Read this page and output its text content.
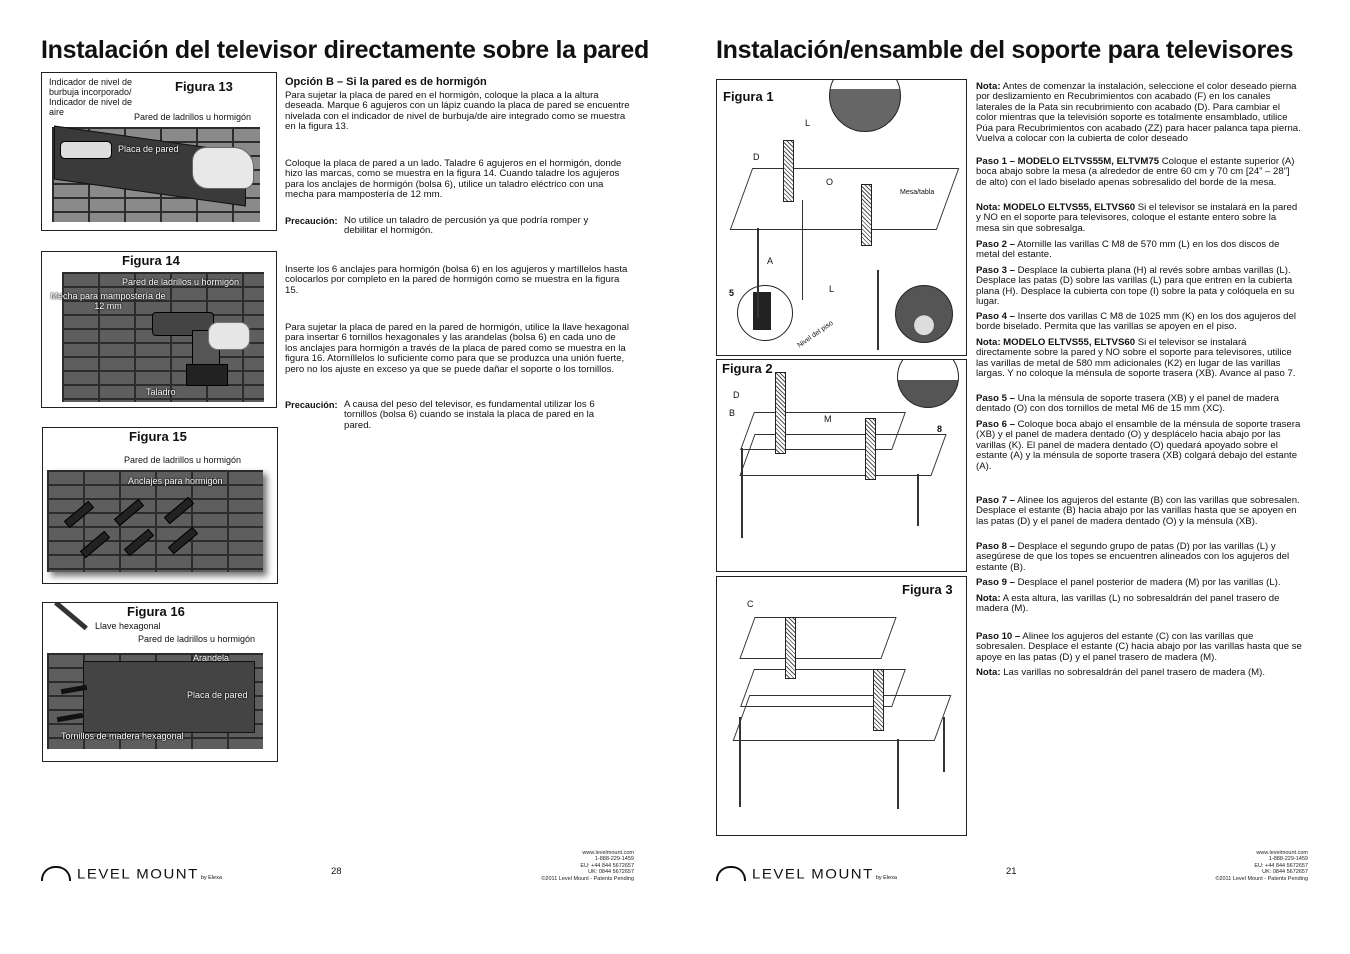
Instalación del televisor directamente sobre la pared
Indicador de nivel de burbuja incorporado/ Indicador de nivel de aire
Figura 13
Pared de ladrillos u hormigón
Placa de pared
Figura 14
Pared de ladrillos u hormigón
Mecha para mampostería de 12 mm
Taladro
Figura 15
Pared de ladrillos u hormigón
Anclajes para hormigón
Figura 16
Llave hexagonal
Pared de ladrillos u hormigón
Arandela
Placa de pared
Tornillos de madera hexagonal
Opción B – Si la pared es de hormigón
Para sujetar la placa de pared en el hormigón, coloque la placa a la altura deseada. Marque 6 agujeros con un lápiz cuando la placa de pared se encuentre nivelada con el indicador de nivel de burbuja/de aire integrado como se muestra en la figura 13.
Coloque la placa de pared a un lado. Taladre 6 agujeros en el hormigón, donde hizo las marcas, como se muestra en la figura 14. Cuando taladre los agujeros para los anclajes de hormigón (bolsa 6), utilice un taladro eléctrico con una mecha para mampostería de 12 mm.
Precaución: No utilice un taladro de percusión ya que podría romper y debilitar el hormigón.
Inserte los 6 anclajes para hormigón (bolsa 6) en los agujeros y martíllelos hasta colocarlos por completo en la pared de hormigón como se muestra en la figura 15.
Para sujetar la placa de pared en la pared de hormigón, utilice la llave hexagonal para insertar 6 tornillos hexagonales y las arandelas (bolsa 6) en cada uno de los anclajes para hormigón a través de la placa de pared como se muestra en la figura 16. Atorníllelos lo suficiente como para que se produzca una unión fuerte, pero no los ajuste en exceso ya que se puede dañar el soporte o los tornillos.
Precaución: A causa del peso del televisor, es fundamental utilizar los 6 tornillos (bolsa 6) cuando se instala la placa de pared en la pared.
LEVEL MOUNT by Elexa
28
www.levelmount.com
1-888-229-1459
EU: +44 844 5672657
UK: 0844 5672657
©2011 Level Mount - Patents Pending
Instalación/ensamble del soporte para televisores
Figura 1
L
D
O
Mesa/tabla
A
L
5
Nivel del piso
Figura 2
D
B
M
8
Figura 3
C
Nota: Antes de comenzar la instalación, seleccione el color deseado pierna por deslizamiento en Recubrimientos con acabado (F) en los canales laterales de la Pata sin recubrimiento con acabado (D). Para cambiar el color mientras que la televisión soporte es totalmente ensamblado, utilice Púa para Recubrimientos con acabado (ZZ) para hacer palanca tapa pierna. Vuelva a colocar con la cubierta de color deseado
Paso 1 – MODELO ELTVS55M, ELTVM75 Coloque el estante superior (A) boca abajo sobre la mesa (a alrededor de entre 60 cm y 70 cm [24” – 28”] de alto) con el lado biselado apenas sobresalido del borde de la mesa.
Nota: MODELO ELTVS55, ELTVS60 Si el televisor se instalará en la pared y NO en el soporte para televisores, coloque el estante entero sobre la mesa sin que sobresalga.
Paso 2 – Atornille las varillas C M8 de 570 mm (L) en los dos discos de metal del estante.
Paso 3 – Desplace la cubierta plana (H) al revés sobre ambas varillas (L). Desplace las patas (D) sobre las varillas (L) para que entren en la cubierta plana (H). Desplace la cubierta con tope (I) sobre la pata y colóquela en su lugar.
Paso 4 – Inserte dos varillas C M8 de 1025 mm (K) en los dos agujeros del borde biselado. Permita que las varillas se apoyen en el piso.
Nota: MODELO ELTVS55, ELTVS60 Si el televisor se instalará directamente sobre la pared y NO sobre el soporte para televisores, utilice las varillas de metal de 580 mm adicionales (K2) en lugar de las varillas largas. Y no coloque la ménsula de soporte trasera (XB). Avance al paso 7.
Paso 5 – Una la ménsula de soporte trasera (XB) y el panel de madera dentado (O) con dos tornillos de metal M6 de 15 mm (XC).
Paso 6 – Coloque boca abajo el ensamble de la ménsula de soporte trasera (XB) y el panel de madera dentado (O) y desplácelo hacia abajo por las varillas (K). El panel de madera dentado (O) quedará apoyado sobre el estante (A) y la ménsula de soporte trasera (XB) colgará debajo del estante (A).
Paso 7 – Alinee los agujeros del estante (B) con las varillas que sobresalen. Desplace el estante (B) hacia abajo por las varillas hasta que se apoyen en las patas (D) y el panel de madera dentado (O) y la ménsula (XB).
Paso 8 – Desplace el segundo grupo de patas (D) por las varillas (L) y asegúrese de que los topes se encuentren alineados con los agujeros del estante (B).
Paso 9 – Desplace el panel posterior de madera (M) por las varillas (L).
Nota: A esta altura, las varillas (L) no sobresaldrán del panel trasero de madera (M).
Paso 10 – Alinee los agujeros del estante (C) con las varillas que sobresalen. Desplace el estante (C) hacia abajo por las varillas hasta que se apoye en las patas (D) y el panel trasero de madera (M).
Nota: Las varillas no sobresaldrán del panel trasero de madera (M).
LEVEL MOUNT by Elexa
21
www.levelmount.com
1-888-229-1459
EU: +44 844 5672657
UK: 0844 5672657
©2011 Level Mount - Patents Pending
